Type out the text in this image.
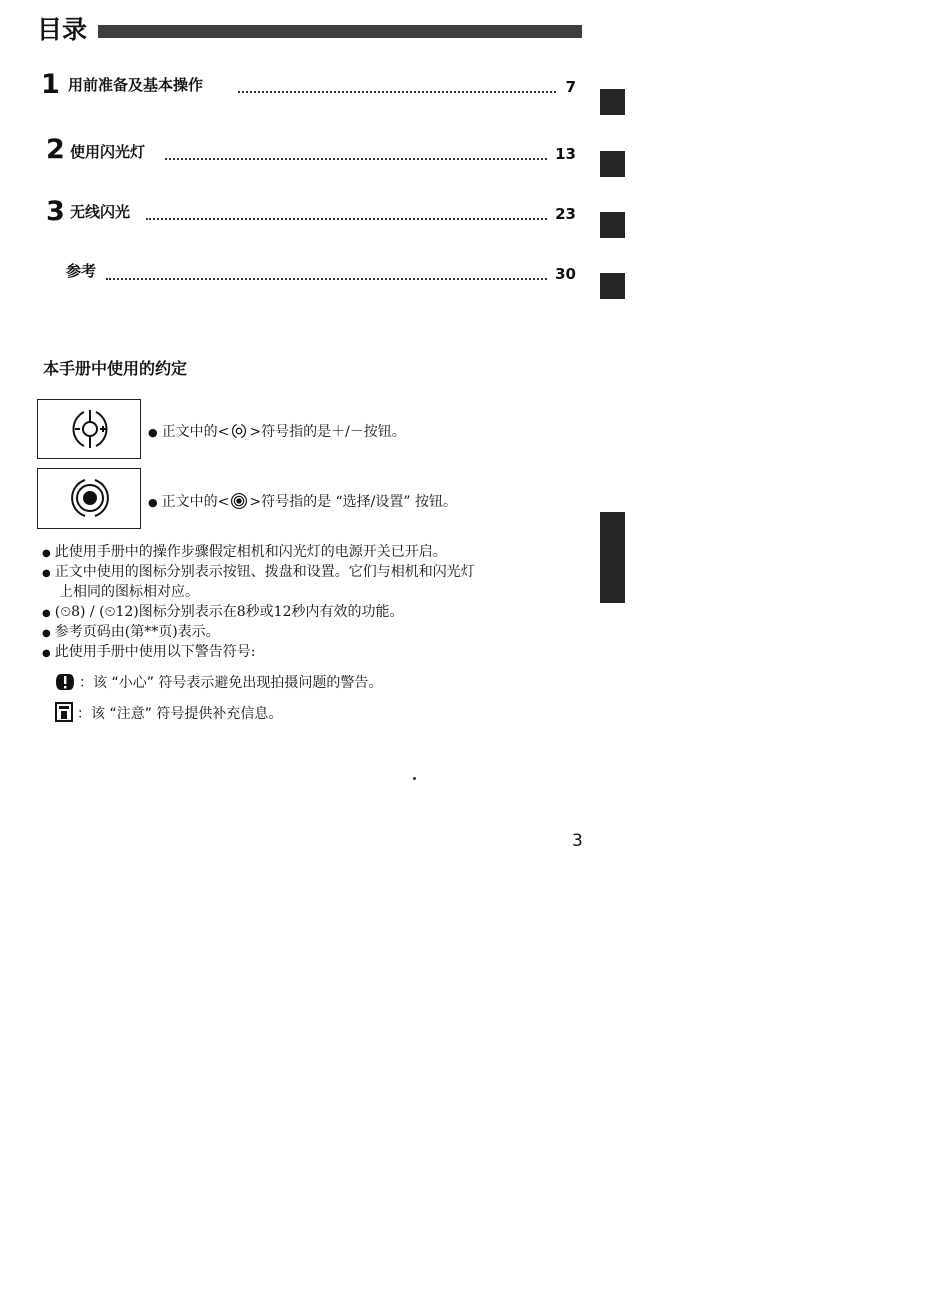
目录
1 用前准备及基本操作	7
2 使用闪光灯	13
3 无线闪光	23
参考	30
本手册中使用的约定
● 正文中的< >符号指的是＋/－按钮。
● 正文中的< >符号指的是 “选择/设置” 按钮。
● 此使用手册中的操作步骤假定相机和闪光灯的电源开关已开启。
● 正文中使用的图标分别表示按钮、拨盘和设置。它们与相机和闪光灯
上相同的图标相对应。
● (⏲8) / (⏲12)图标分别表示在8秒或12秒内有效的功能。
● 参考页码由(第**页)表示。
● 此使用手册中使用以下警告符号:
：该 “小心” 符号表示避免出现拍摄问题的警告。
：该 “注意” 符号提供补充信息。
3
